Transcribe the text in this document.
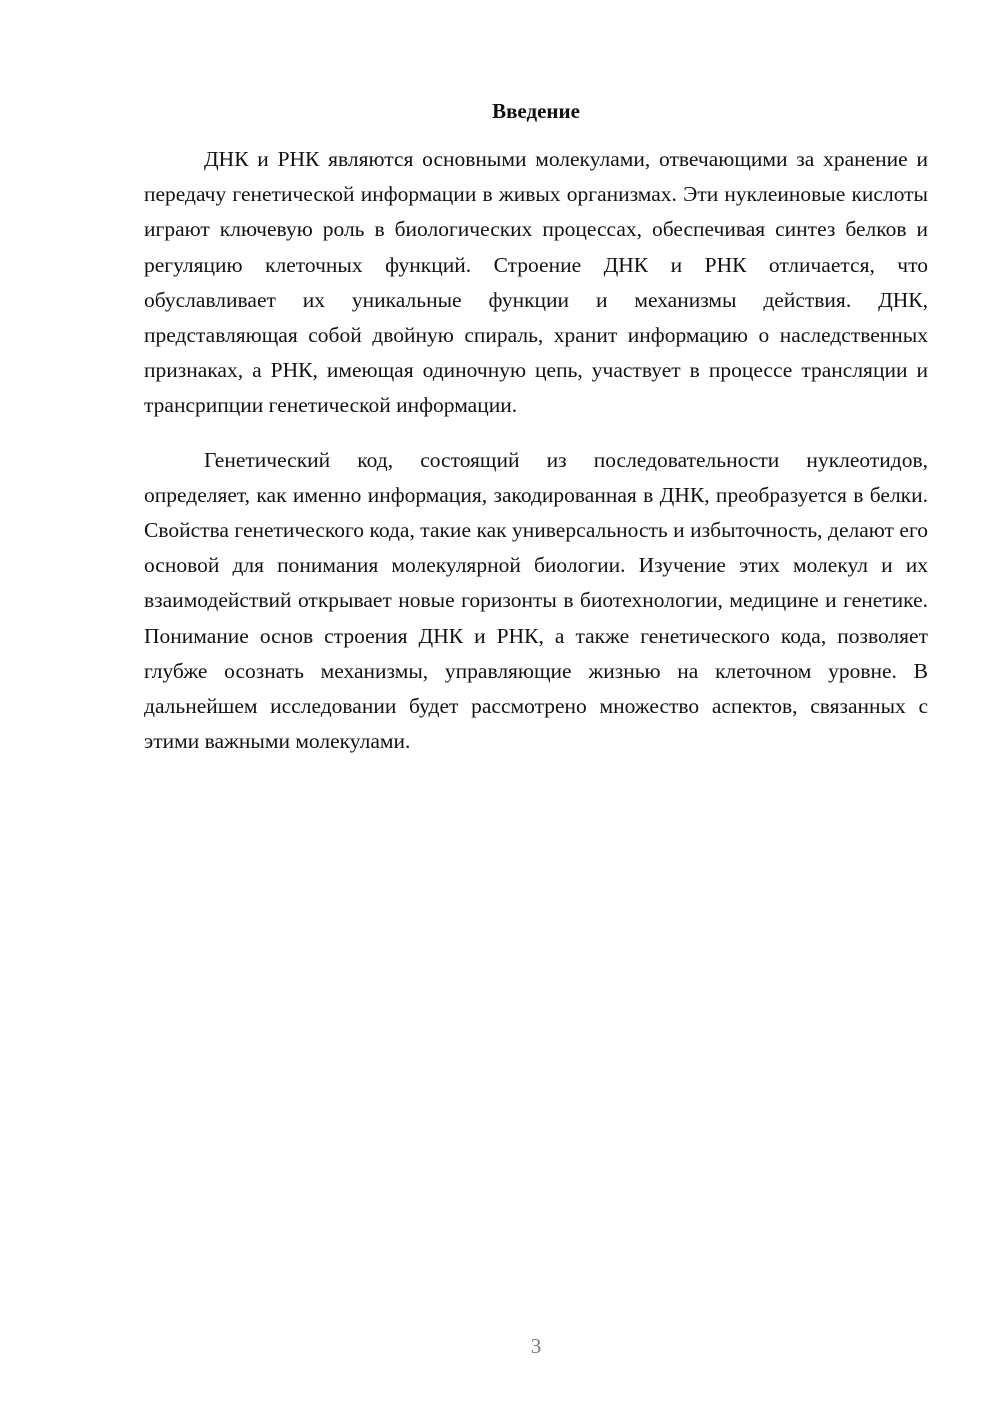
Введение

ДНК и РНК являются основными молекулами, отвечающими за хранение и передачу генетической информации в живых организмах. Эти нуклеиновые кислоты играют ключевую роль в биологических процессах, обеспечивая синтез белков и регуляцию клеточных функций. Строение ДНК и РНК отличается, что обуславливает их уникальные функции и механизмы действия. ДНК, представляющая собой двойную спираль, хранит информацию о наследственных признаках, а РНК, имеющая одиночную цепь, участвует в процессе трансляции и трансрипции генетической информации.

Генетический код, состоящий из последовательности нуклеотидов, определяет, как именно информация, закодированная в ДНК, преобразуется в белки. Свойства генетического кода, такие как универсальность и избыточность, делают его основой для понимания молекулярной биологии. Изучение этих молекул и их взаимодействий открывает новые горизонты в биотехнологии, медицине и генетике. Понимание основ строения ДНК и РНК, а также генетического кода, позволяет глубже осознать механизмы, управляющие жизнью на клеточном уровне. В дальнейшем исследовании будет рассмотрено множество аспектов, связанных с этими важными молекулами.

3
